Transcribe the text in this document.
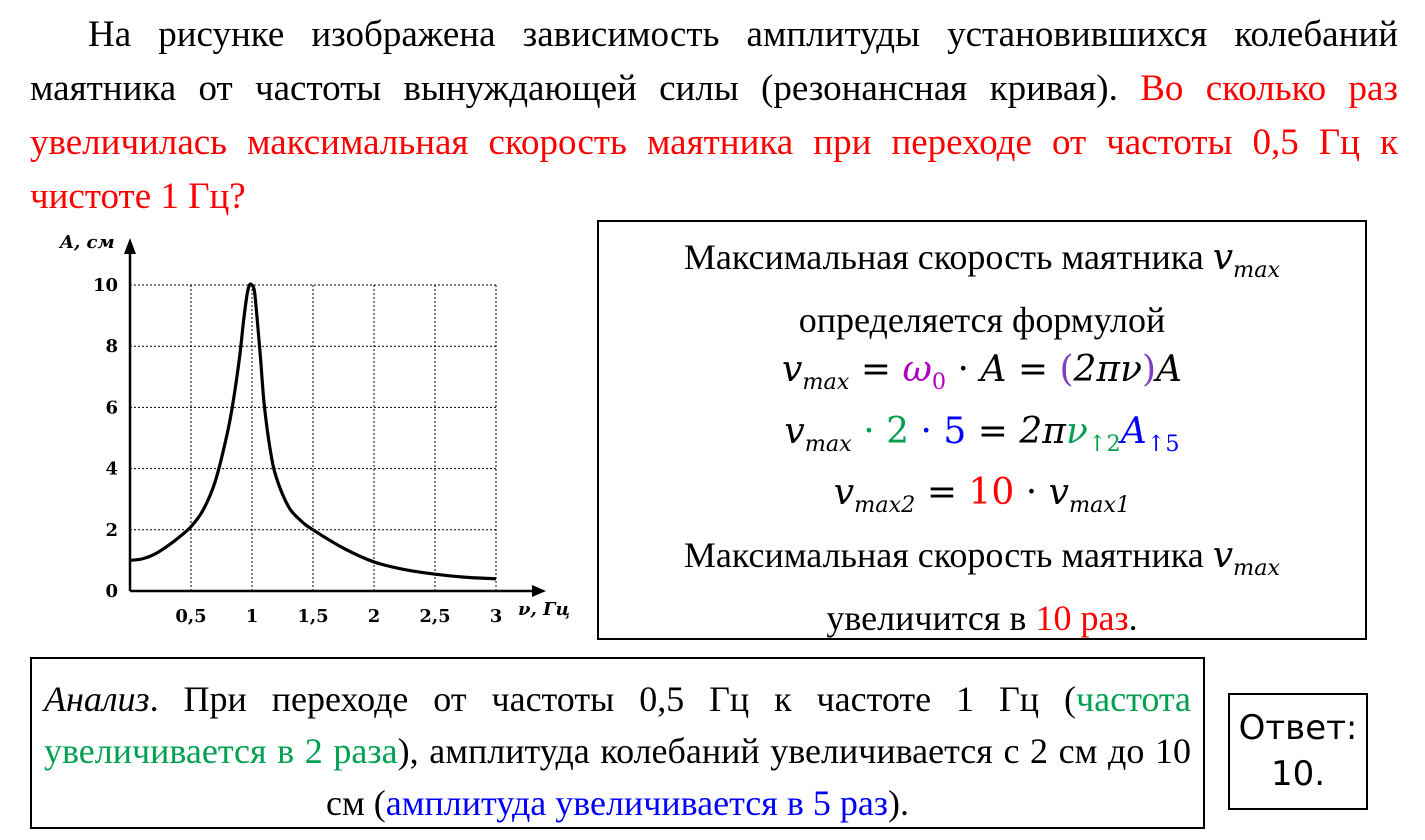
На рисунке изображена зависимость амплитуды установившихся колебаний маятника от частоты вынуждающей силы (резонансная кривая). Во сколько раз увеличилась максимальная скорость маятника при переходе от частоты 0,5 Гц к чистоте 1 Гц?

0,5 1 1,5 2 2,5 3
0
2
4
6
8
10
A, см
ν, Гц
Максимальная скорость маятника $v_{max}$
определяется формулой
$v_{max} = \omega_0 \cdot A = (2\pi\nu)A$
$v_{max} \cdot 2 \cdot 5 = 2\pi\nu_{↑2}A_{↑5}$
$v_{max2} = 10 \cdot v_{max1}$
Максимальная скорость маятника $v_{max}$
увеличится в 10 раз.
Анализ. При переходе от частоты 0,5 Гц к частоте 1 Гц (частота увеличивается в 2 раза), амплитуда колебаний увеличивается с 2 см до 10 см (амплитуда увеличивается в 5 раз).
Ответ:
10.
